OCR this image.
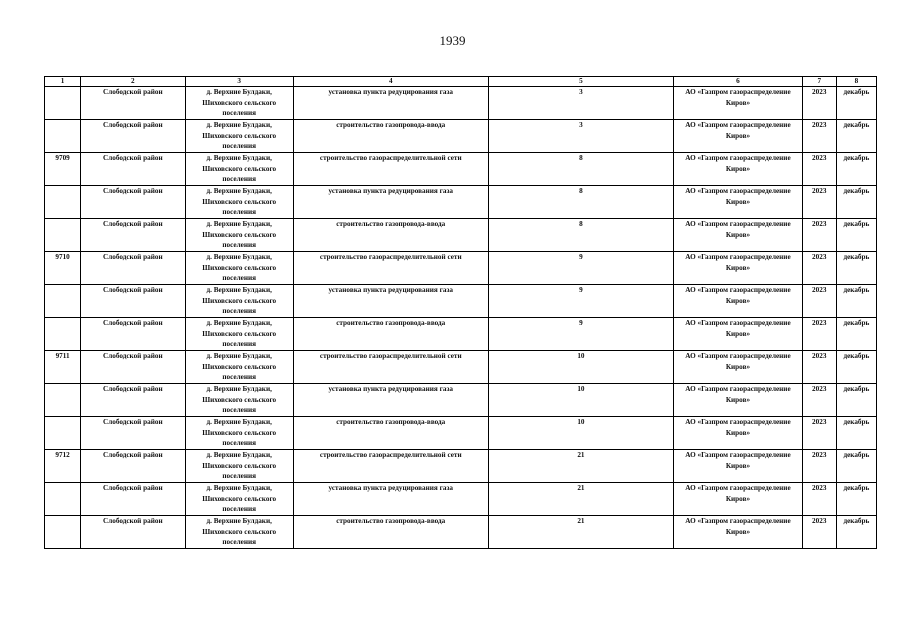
1939
1	2	3	4	5	6	7	8
	Слободской район	д. Верхние Булдаки, Шиховского сельского поселения	установка пункта редуцирования газа	3	АО «Газпром газораспределение Киров»	2023	декабрь
	Слободской район	д. Верхние Булдаки, Шиховского сельского поселения	строительство газопровода-ввода	3	АО «Газпром газораспределение Киров»	2023	декабрь
9709	Слободской район	д. Верхние Булдаки, Шиховского сельского поселения	строительство газораспределительной сети	8	АО «Газпром газораспределение Киров»	2023	декабрь
	Слободской район	д. Верхние Булдаки, Шиховского сельского поселения	установка пункта редуцирования газа	8	АО «Газпром газораспределение Киров»	2023	декабрь
	Слободской район	д. Верхние Булдаки, Шиховского сельского поселения	строительство газопровода-ввода	8	АО «Газпром газораспределение Киров»	2023	декабрь
9710	Слободской район	д. Верхние Булдаки, Шиховского сельского поселения	строительство газораспределительной сети	9	АО «Газпром газораспределение Киров»	2023	декабрь
	Слободской район	д. Верхние Булдаки, Шиховского сельского поселения	установка пункта редуцирования газа	9	АО «Газпром газораспределение Киров»	2023	декабрь
	Слободской район	д. Верхние Булдаки, Шиховского сельского поселения	строительство газопровода-ввода	9	АО «Газпром газораспределение Киров»	2023	декабрь
9711	Слободской район	д. Верхние Булдаки, Шиховского сельского поселения	строительство газораспределительной сети	10	АО «Газпром газораспределение Киров»	2023	декабрь
	Слободской район	д. Верхние Булдаки, Шиховского сельского поселения	установка пункта редуцирования газа	10	АО «Газпром газораспределение Киров»	2023	декабрь
	Слободской район	д. Верхние Булдаки, Шиховского сельского поселения	строительство газопровода-ввода	10	АО «Газпром газораспределение Киров»	2023	декабрь
9712	Слободской район	д. Верхние Булдаки, Шиховского сельского поселения	строительство газораспределительной сети	21	АО «Газпром газораспределение Киров»	2023	декабрь
	Слободской район	д. Верхние Булдаки, Шиховского сельского поселения	установка пункта редуцирования газа	21	АО «Газпром газораспределение Киров»	2023	декабрь
	Слободской район	д. Верхние Булдаки, Шиховского сельского поселения	строительство газопровода-ввода	21	АО «Газпром газораспределение Киров»	2023	декабрь
